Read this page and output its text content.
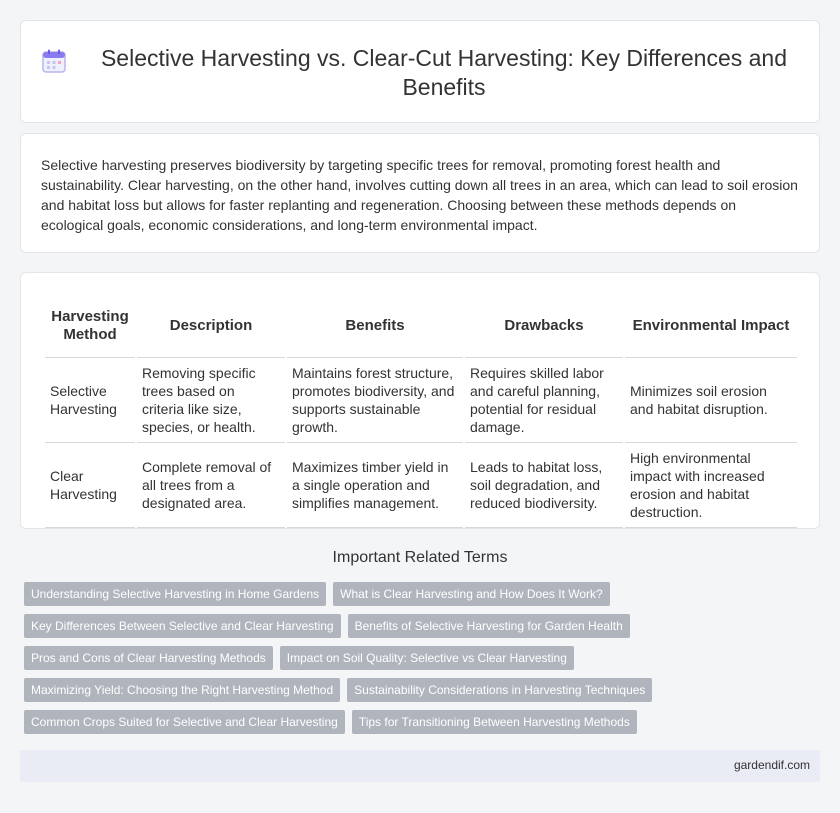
Selective Harvesting vs. Clear-Cut Harvesting: Key Differences and Benefits

Selective harvesting preserves biodiversity by targeting specific trees for removal, promoting forest health and sustainability. Clear harvesting, on the other hand, involves cutting down all trees in an area, which can lead to soil erosion and habitat loss but allows for faster replanting and regeneration. Choosing between these methods depends on ecological goals, economic considerations, and long-term environmental impact.

Harvesting Method	Description	Benefits	Drawbacks	Environmental Impact
Selective Harvesting	Removing specific trees based on criteria like size, species, or health.	Maintains forest structure, promotes biodiversity, and supports sustainable growth.	Requires skilled labor and careful planning, potential for residual damage.	Minimizes soil erosion and habitat disruption.
Clear Harvesting	Complete removal of all trees from a designated area.	Maximizes timber yield in a single operation and simplifies management.	Leads to habitat loss, soil degradation, and reduced biodiversity.	High environmental impact with increased erosion and habitat destruction.
Important Related Terms
Understanding Selective Harvesting in Home Gardens	What is Clear Harvesting and How Does It Work?
Key Differences Between Selective and Clear Harvesting	Benefits of Selective Harvesting for Garden Health
Pros and Cons of Clear Harvesting Methods	Impact on Soil Quality: Selective vs Clear Harvesting
Maximizing Yield: Choosing the Right Harvesting Method	Sustainability Considerations in Harvesting Techniques
Common Crops Suited for Selective and Clear Harvesting	Tips for Transitioning Between Harvesting Methods
gardendif.com
